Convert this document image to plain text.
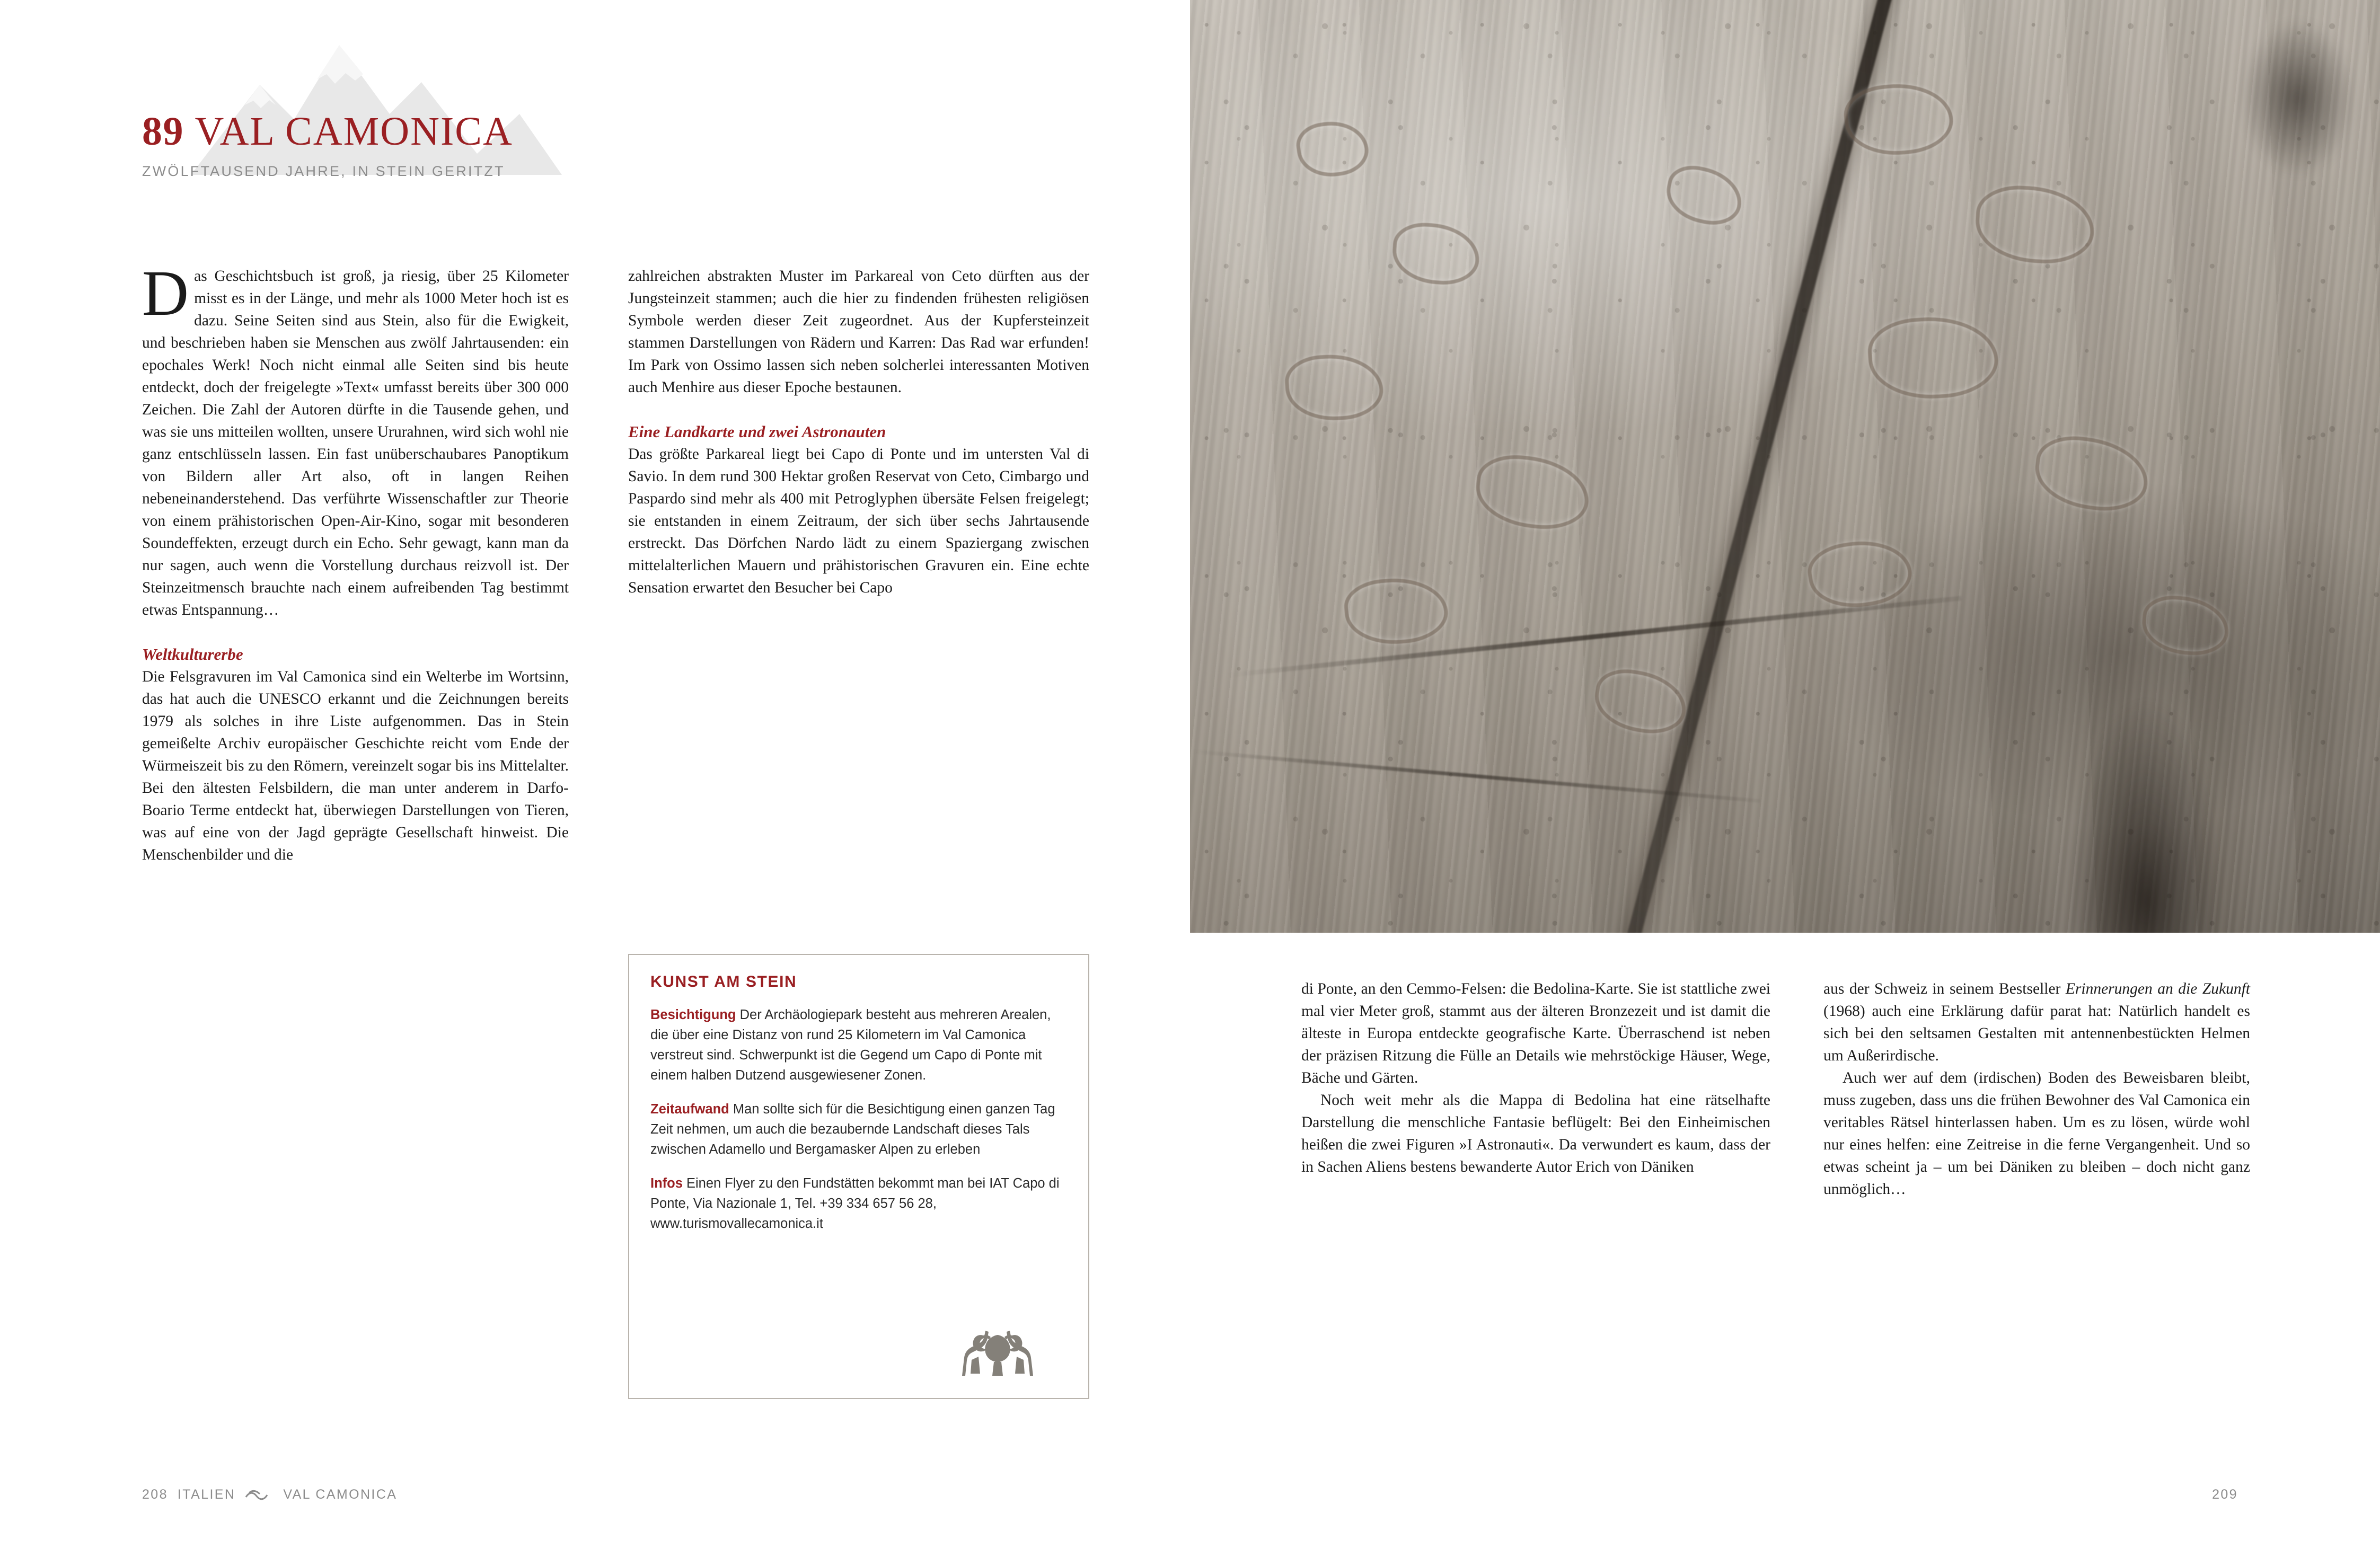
89 VAL CAMONICA
ZWÖLFTAUSEND JAHRE, IN STEIN GERITZT

Das Geschichtsbuch ist groß, ja riesig, über 25 Kilometer misst es in der Länge, und mehr als 1000 Meter hoch ist es dazu. Seine Seiten sind aus Stein, also für die Ewigkeit, und beschrieben haben sie Menschen aus zwölf Jahrtausenden: ein epochales Werk! Noch nicht einmal alle Seiten sind bis heute entdeckt, doch der freigelegte »Text« umfasst bereits über 300 000 Zeichen. Die Zahl der Autoren dürfte in die Tausende gehen, und was sie uns mitteilen wollten, unsere Ururahnen, wird sich wohl nie ganz entschlüsseln lassen. Ein fast unüberschaubares Panoptikum von Bildern aller Art also, oft in langen Reihen nebeneinanderstehend. Das verführte Wissenschaftler zur Theorie von einem prähistorischen Open-Air-Kino, sogar mit besonderen Soundeffekten, erzeugt durch ein Echo. Sehr gewagt, kann man da nur sagen, auch wenn die Vorstellung durchaus reizvoll ist. Der Steinzeitmensch brauchte nach einem aufreibenden Tag bestimmt etwas Entspannung…

Weltkulturerbe

Die Felsgravuren im Val Camonica sind ein Welterbe im Wortsinn, das hat auch die UNESCO erkannt und die Zeichnungen bereits 1979 als solches in ihre Liste aufgenommen. Das in Stein gemeißelte Archiv europäischer Geschichte reicht vom Ende der Würmeiszeit bis zu den Römern, vereinzelt sogar bis ins Mittelalter. Bei den ältesten Felsbildern, die man unter anderem in Darfo-Boario Terme entdeckt hat, überwiegen Darstellungen von Tieren, was auf eine von der Jagd geprägte Gesellschaft hinweist. Die Menschenbilder und die

zahlreichen abstrakten Muster im Parkareal von Ceto dürften aus der Jungsteinzeit stammen; auch die hier zu findenden frühesten religiösen Symbole werden dieser Zeit zugeordnet. Aus der Kupfersteinzeit stammen Darstellungen von Rädern und Karren: Das Rad war erfunden! Im Park von Ossimo lassen sich neben solcherlei interessanten Motiven auch Menhire aus dieser Epoche bestaunen.

Eine Landkarte und zwei Astronauten

Das größte Parkareal liegt bei Capo di Ponte und im untersten Val di Savio. In dem rund 300 Hektar großen Reservat von Ceto, Cimbargo und Paspardo sind mehr als 400 mit Petroglyphen übersäte Felsen freigelegt; sie entstanden in einem Zeitraum, der sich über sechs Jahrtausende erstreckt. Das Dörfchen Nardo lädt zu einem Spaziergang zwischen mittelalterlichen Mauern und prähistorischen Gravuren ein. Eine echte Sensation erwartet den Besucher bei Capo

KUNST AM STEIN

Besichtigung Der Archäologiepark besteht aus mehreren Arealen, die über eine Distanz von rund 25 Kilometern im Val Camonica verstreut sind. Schwerpunkt ist die Gegend um Capo di Ponte mit einem halben Dutzend ausgewiesener Zonen.

Zeitaufwand Man sollte sich für die Besichtigung einen ganzen Tag Zeit nehmen, um auch die bezaubernde Landschaft dieses Tals zwischen Adamello und Bergamasker Alpen zu erleben

Infos Einen Flyer zu den Fundstätten bekommt man bei IAT Capo di Ponte, Via Nazionale 1, Tel. +39 334 657 56 28, www.turismovallecamonica.it

208 ITALIEN	VAL CAMONICA

di Ponte, an den Cemmo-Felsen: die Bedolina-Karte. Sie ist stattliche zwei mal vier Meter groß, stammt aus der älteren Bronzezeit und ist damit die älteste in Europa entdeckte geografische Karte. Überraschend ist neben der präzisen Ritzung die Fülle an Details wie mehrstöckige Häuser, Wege, Bäche und Gärten.

Noch weit mehr als die Mappa di Bedolina hat eine rätselhafte Darstellung die menschliche Fantasie beflügelt: Bei den Einheimischen heißen die zwei Figuren »I Astronauti«. Da verwundert es kaum, dass der in Sachen Aliens bestens bewanderte Autor Erich von Däniken

aus der Schweiz in seinem Bestseller Erinnerungen an die Zukunft (1968) auch eine Erklärung dafür parat hat: Natürlich handelt es sich bei den seltsamen Gestalten mit antennenbestückten Helmen um Außerirdische.

Auch wer auf dem (irdischen) Boden des Beweisbaren bleibt, muss zugeben, dass uns die frühen Bewohner des Val Camonica ein veritables Rätsel hinterlassen haben. Um es zu lösen, würde wohl nur eines helfen: eine Zeitreise in die ferne Vergangenheit. Und so etwas scheint ja – um bei Däniken zu bleiben – doch nicht ganz unmöglich…

209
